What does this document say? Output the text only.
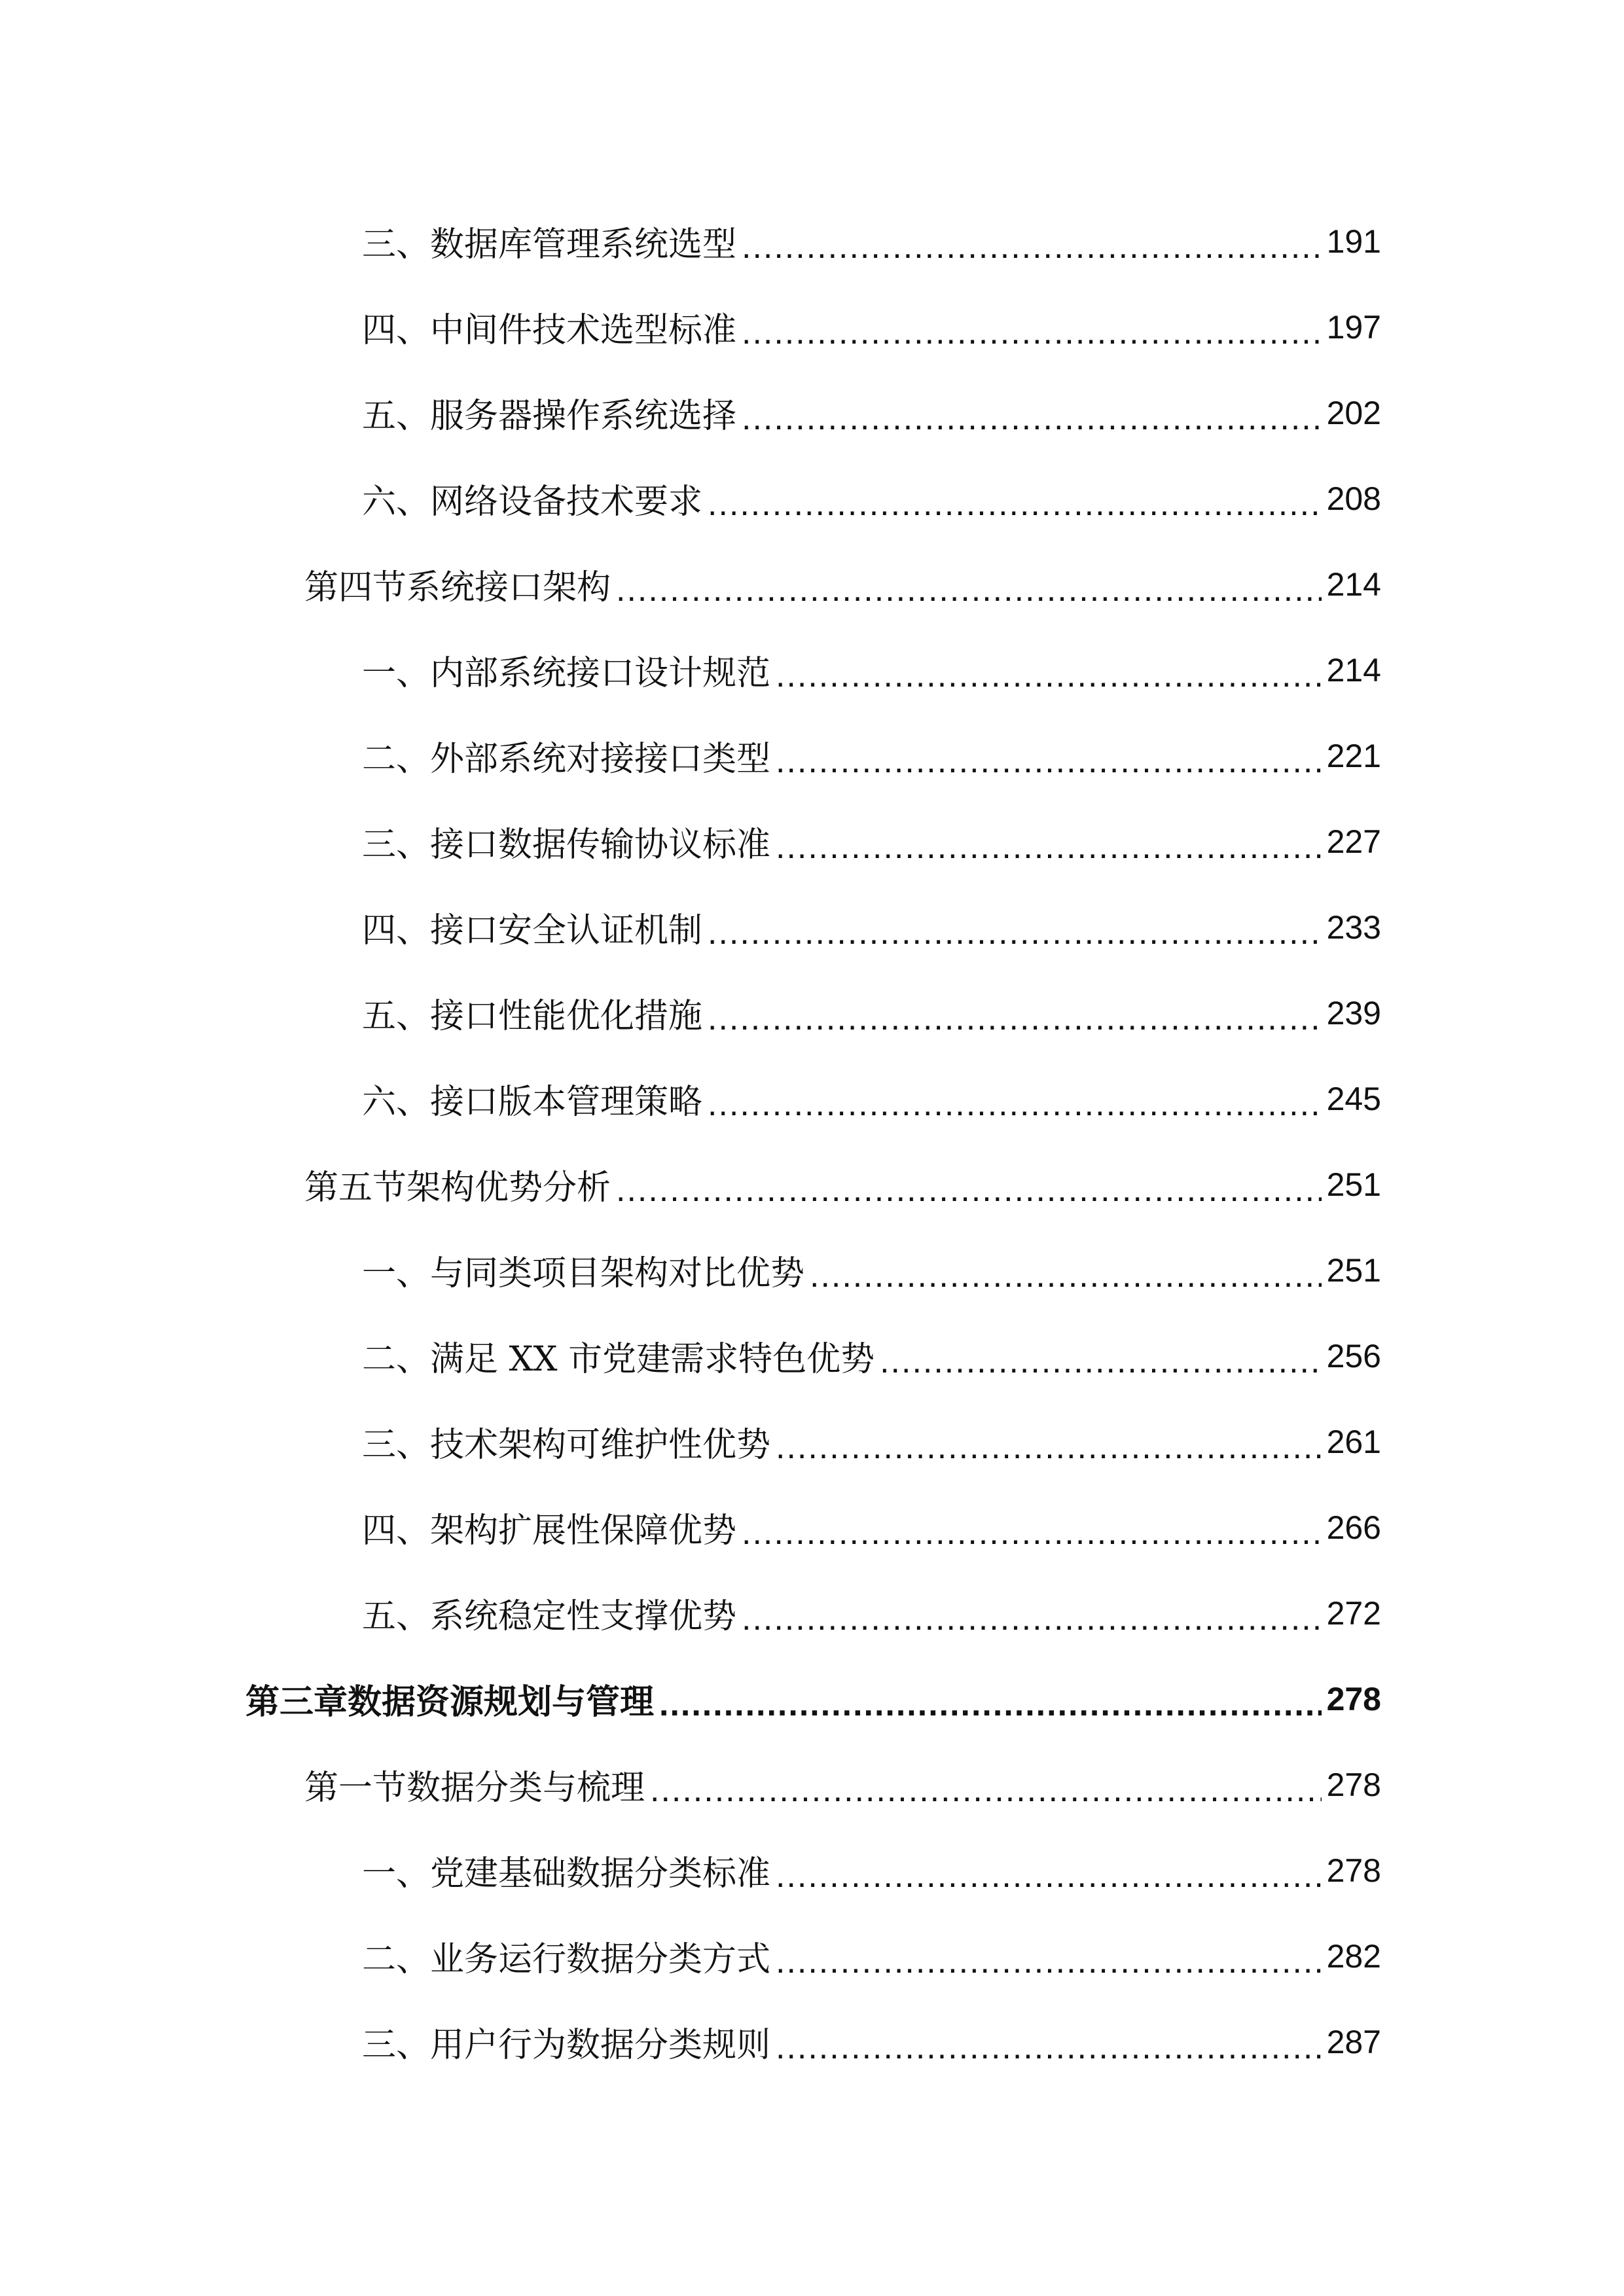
三、数据库管理系统选型 .....	191
四、中间件技术选型标准 .....	197
五、服务器操作系统选择 .....	202
六、网络设备技术要求 .....	208
第四节系统接口架构 .....	214
一、内部系统接口设计规范 .....	214
二、外部系统对接接口类型 .....	221
三、接口数据传输协议标准 .....	227
四、接口安全认证机制 .....	233
五、接口性能优化措施 .....	239
六、接口版本管理策略 .....	245
第五节架构优势分析 .....	251
一、与同类项目架构对比优势 .....	251
二、满足 XX 市党建需求特色优势 .....	256
三、技术架构可维护性优势 .....	261
四、架构扩展性保障优势 .....	266
五、系统稳定性支撑优势 .....	272
第三章数据资源规划与管理 .....	278
第一节数据分类与梳理 .....	278
一、党建基础数据分类标准 .....	278
二、业务运行数据分类方式 .....	282
三、用户行为数据分类规则 .....	287
